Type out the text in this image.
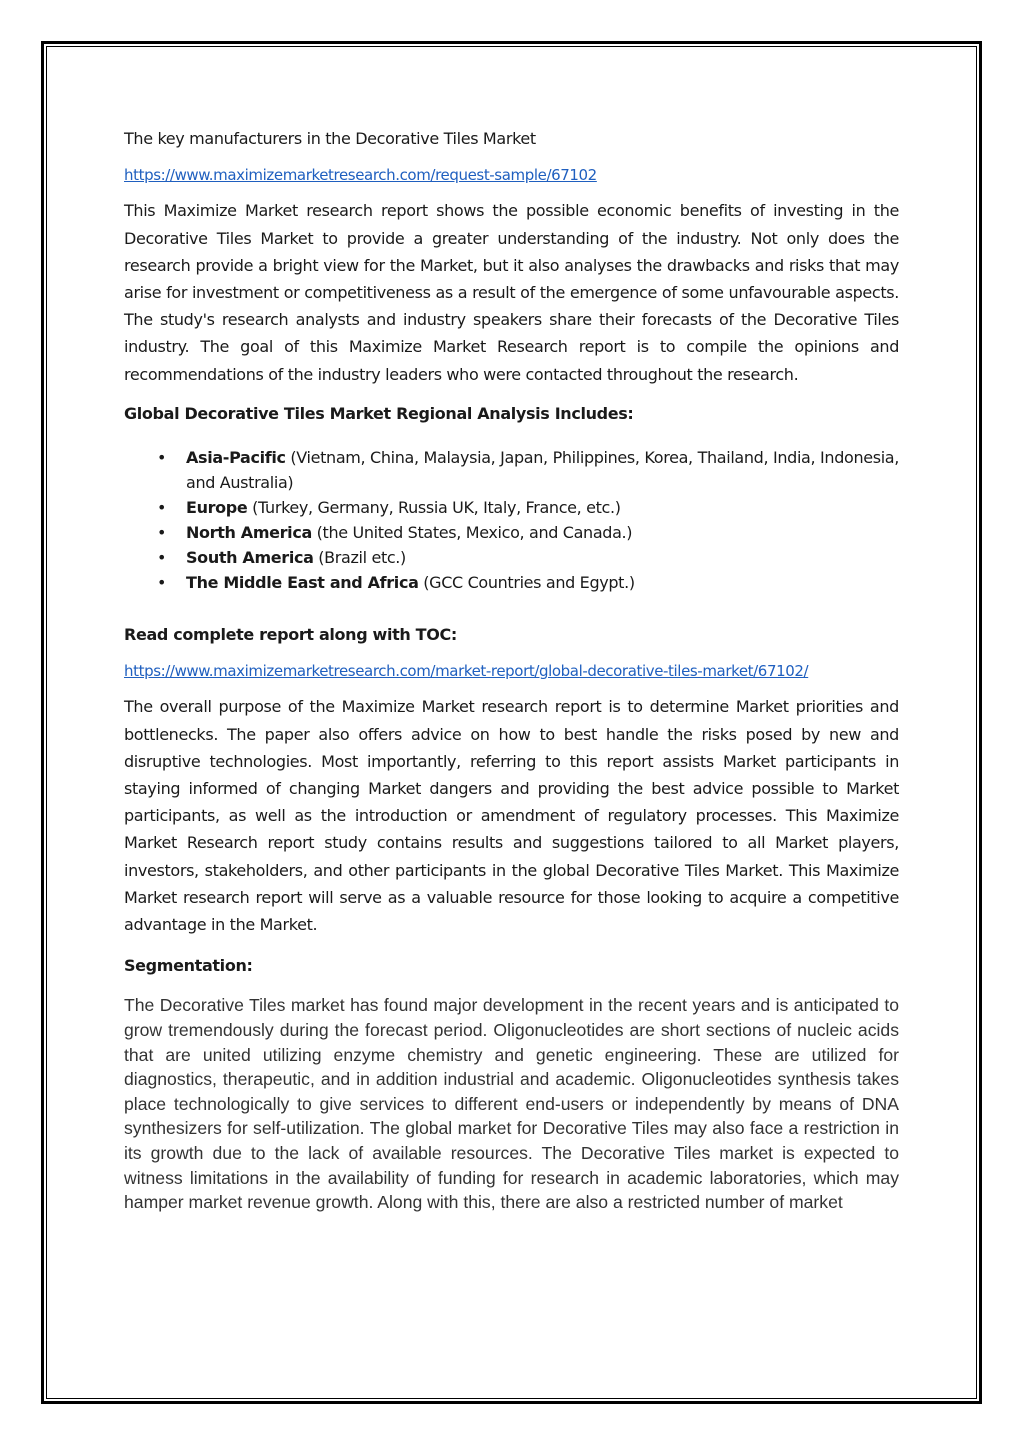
The key manufacturers in the Decorative Tiles Market

https://www.maximizemarketresearch.com/request-sample/67102

This Maximize Market research report shows the possible economic benefits of investing in the Decorative Tiles Market to provide a greater understanding of the industry. Not only does the research provide a bright view for the Market, but it also analyses the drawbacks and risks that may arise for investment or competitiveness as a result of the emergence of some unfavourable aspects. The study's research analysts and industry speakers share their forecasts of the Decorative Tiles industry. The goal of this Maximize Market Research report is to compile the opinions and recommendations of the industry leaders who were contacted throughout the research.

Global Decorative Tiles Market Regional Analysis Includes:

• Asia-Pacific (Vietnam, China, Malaysia, Japan, Philippines, Korea, Thailand, India, Indonesia, and Australia)
• Europe (Turkey, Germany, Russia UK, Italy, France, etc.)
• North America (the United States, Mexico, and Canada.)
• South America (Brazil etc.)
• The Middle East and Africa (GCC Countries and Egypt.)

Read complete report along with TOC:

https://www.maximizemarketresearch.com/market-report/global-decorative-tiles-market/67102/

The overall purpose of the Maximize Market research report is to determine Market priorities and bottlenecks. The paper also offers advice on how to best handle the risks posed by new and disruptive technologies. Most importantly, referring to this report assists Market participants in staying informed of changing Market dangers and providing the best advice possible to Market participants, as well as the introduction or amendment of regulatory processes. This Maximize Market Research report study contains results and suggestions tailored to all Market players, investors, stakeholders, and other participants in the global Decorative Tiles Market. This Maximize Market research report will serve as a valuable resource for those looking to acquire a competitive advantage in the Market.

Segmentation:

The Decorative Tiles market has found major development in the recent years and is anticipated to grow tremendously during the forecast period. Oligonucleotides are short sections of nucleic acids that are united utilizing enzyme chemistry and genetic engineering. These are utilized for diagnostics, therapeutic, and in addition industrial and academic. Oligonucleotides synthesis takes place technologically to give services to different end-users or independently by means of DNA synthesizers for self-utilization. The global market for Decorative Tiles may also face a restriction in its growth due to the lack of available resources. The Decorative Tiles market is expected to witness limitations in the availability of funding for research in academic laboratories, which may hamper market revenue growth. Along with this, there are also a restricted number of market
